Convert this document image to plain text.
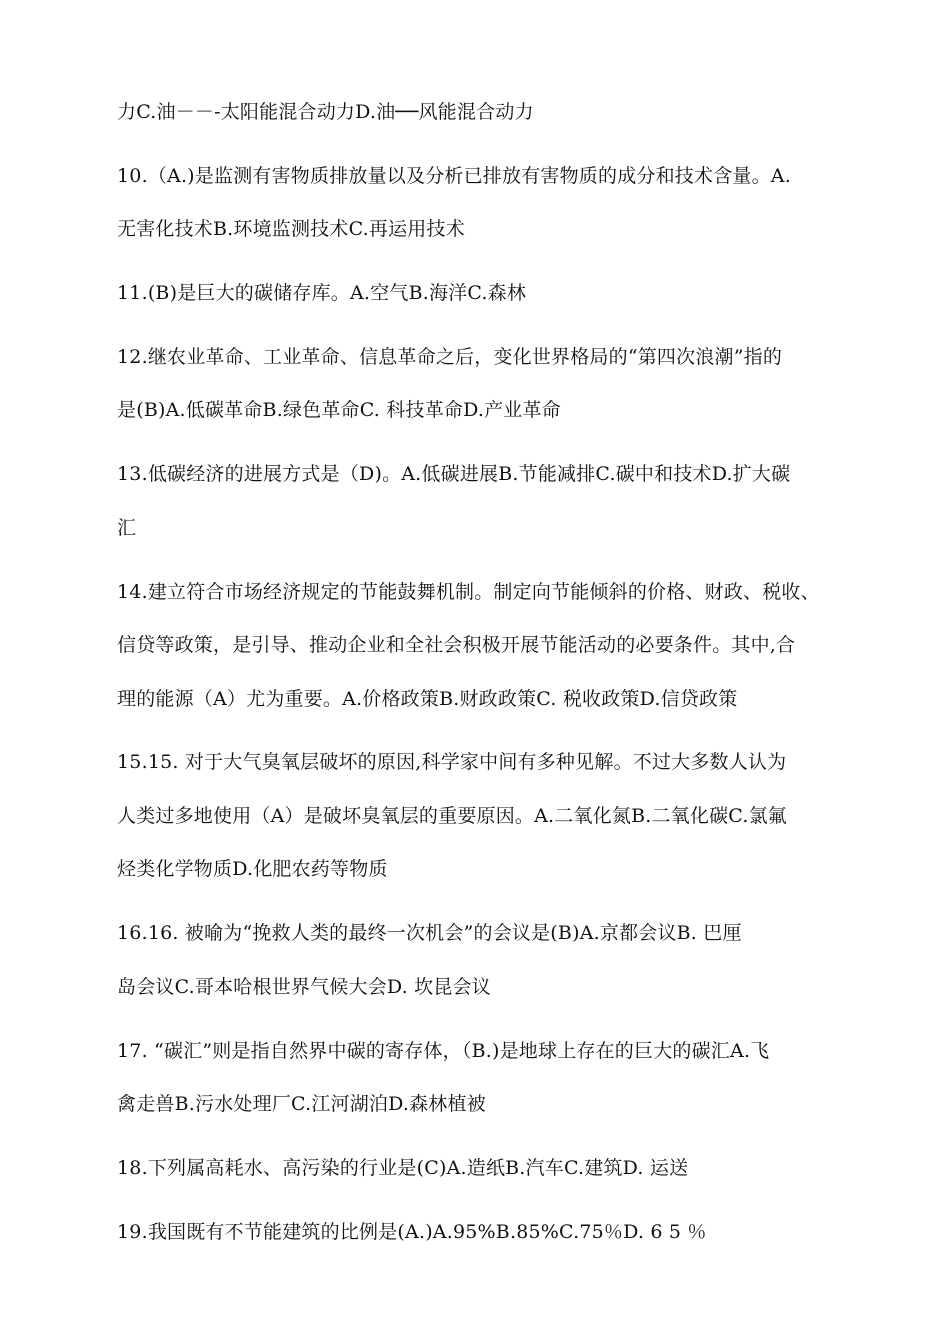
力C.油－－-太阳能混合动力D.油──风能混合动力
10.（A.)是监测有害物质排放量以及分析已排放有害物质的成分和技术含量。A.
无害化技术B.环境监测技术C.再运用技术
11.(B)是巨大的碳储存库。A.空气B.海洋C.森林
12.继农业革命、工业革命、信息革命之后，变化世界格局的“第四次浪潮”指的
是(B)A.低碳革命B.绿色革命C. 科技革命D.产业革命
13.低碳经济的进展方式是（D)。A.低碳进展B.节能减排C.碳中和技术D.扩大碳
汇
14.建立符合市场经济规定的节能鼓舞机制。制定向节能倾斜的价格、财政、税收、
信贷等政策，是引导、推动企业和全社会积极开展节能活动的必要条件。其中,合
理的能源（A）尤为重要。A.价格政策B.财政政策C. 税收政策D.信贷政策
15.15. 对于大气臭氧层破坏的原因,科学家中间有多种见解。不过大多数人认为
人类过多地使用（A）是破坏臭氧层的重要原因。A.二氧化氮B.二氧化碳C.氯氟
烃类化学物质D.化肥农药等物质
16.16. 被喻为“挽救人类的最终一次机会”的会议是(B)A.京都会议B. 巴厘
岛会议C.哥本哈根世界气候大会D. 坎昆会议
17. “碳汇”则是指自然界中碳的寄存体，（B.)是地球上存在的巨大的碳汇A.飞
禽走兽B.污水处理厂C.江河湖泊D.森林植被
18.下列属高耗水、高污染的行业是(C)A.造纸B.汽车C.建筑D. 运送
19.我国既有不节能建筑的比例是(A.)A.95%B.85%C.75％D. 6 5 ％
